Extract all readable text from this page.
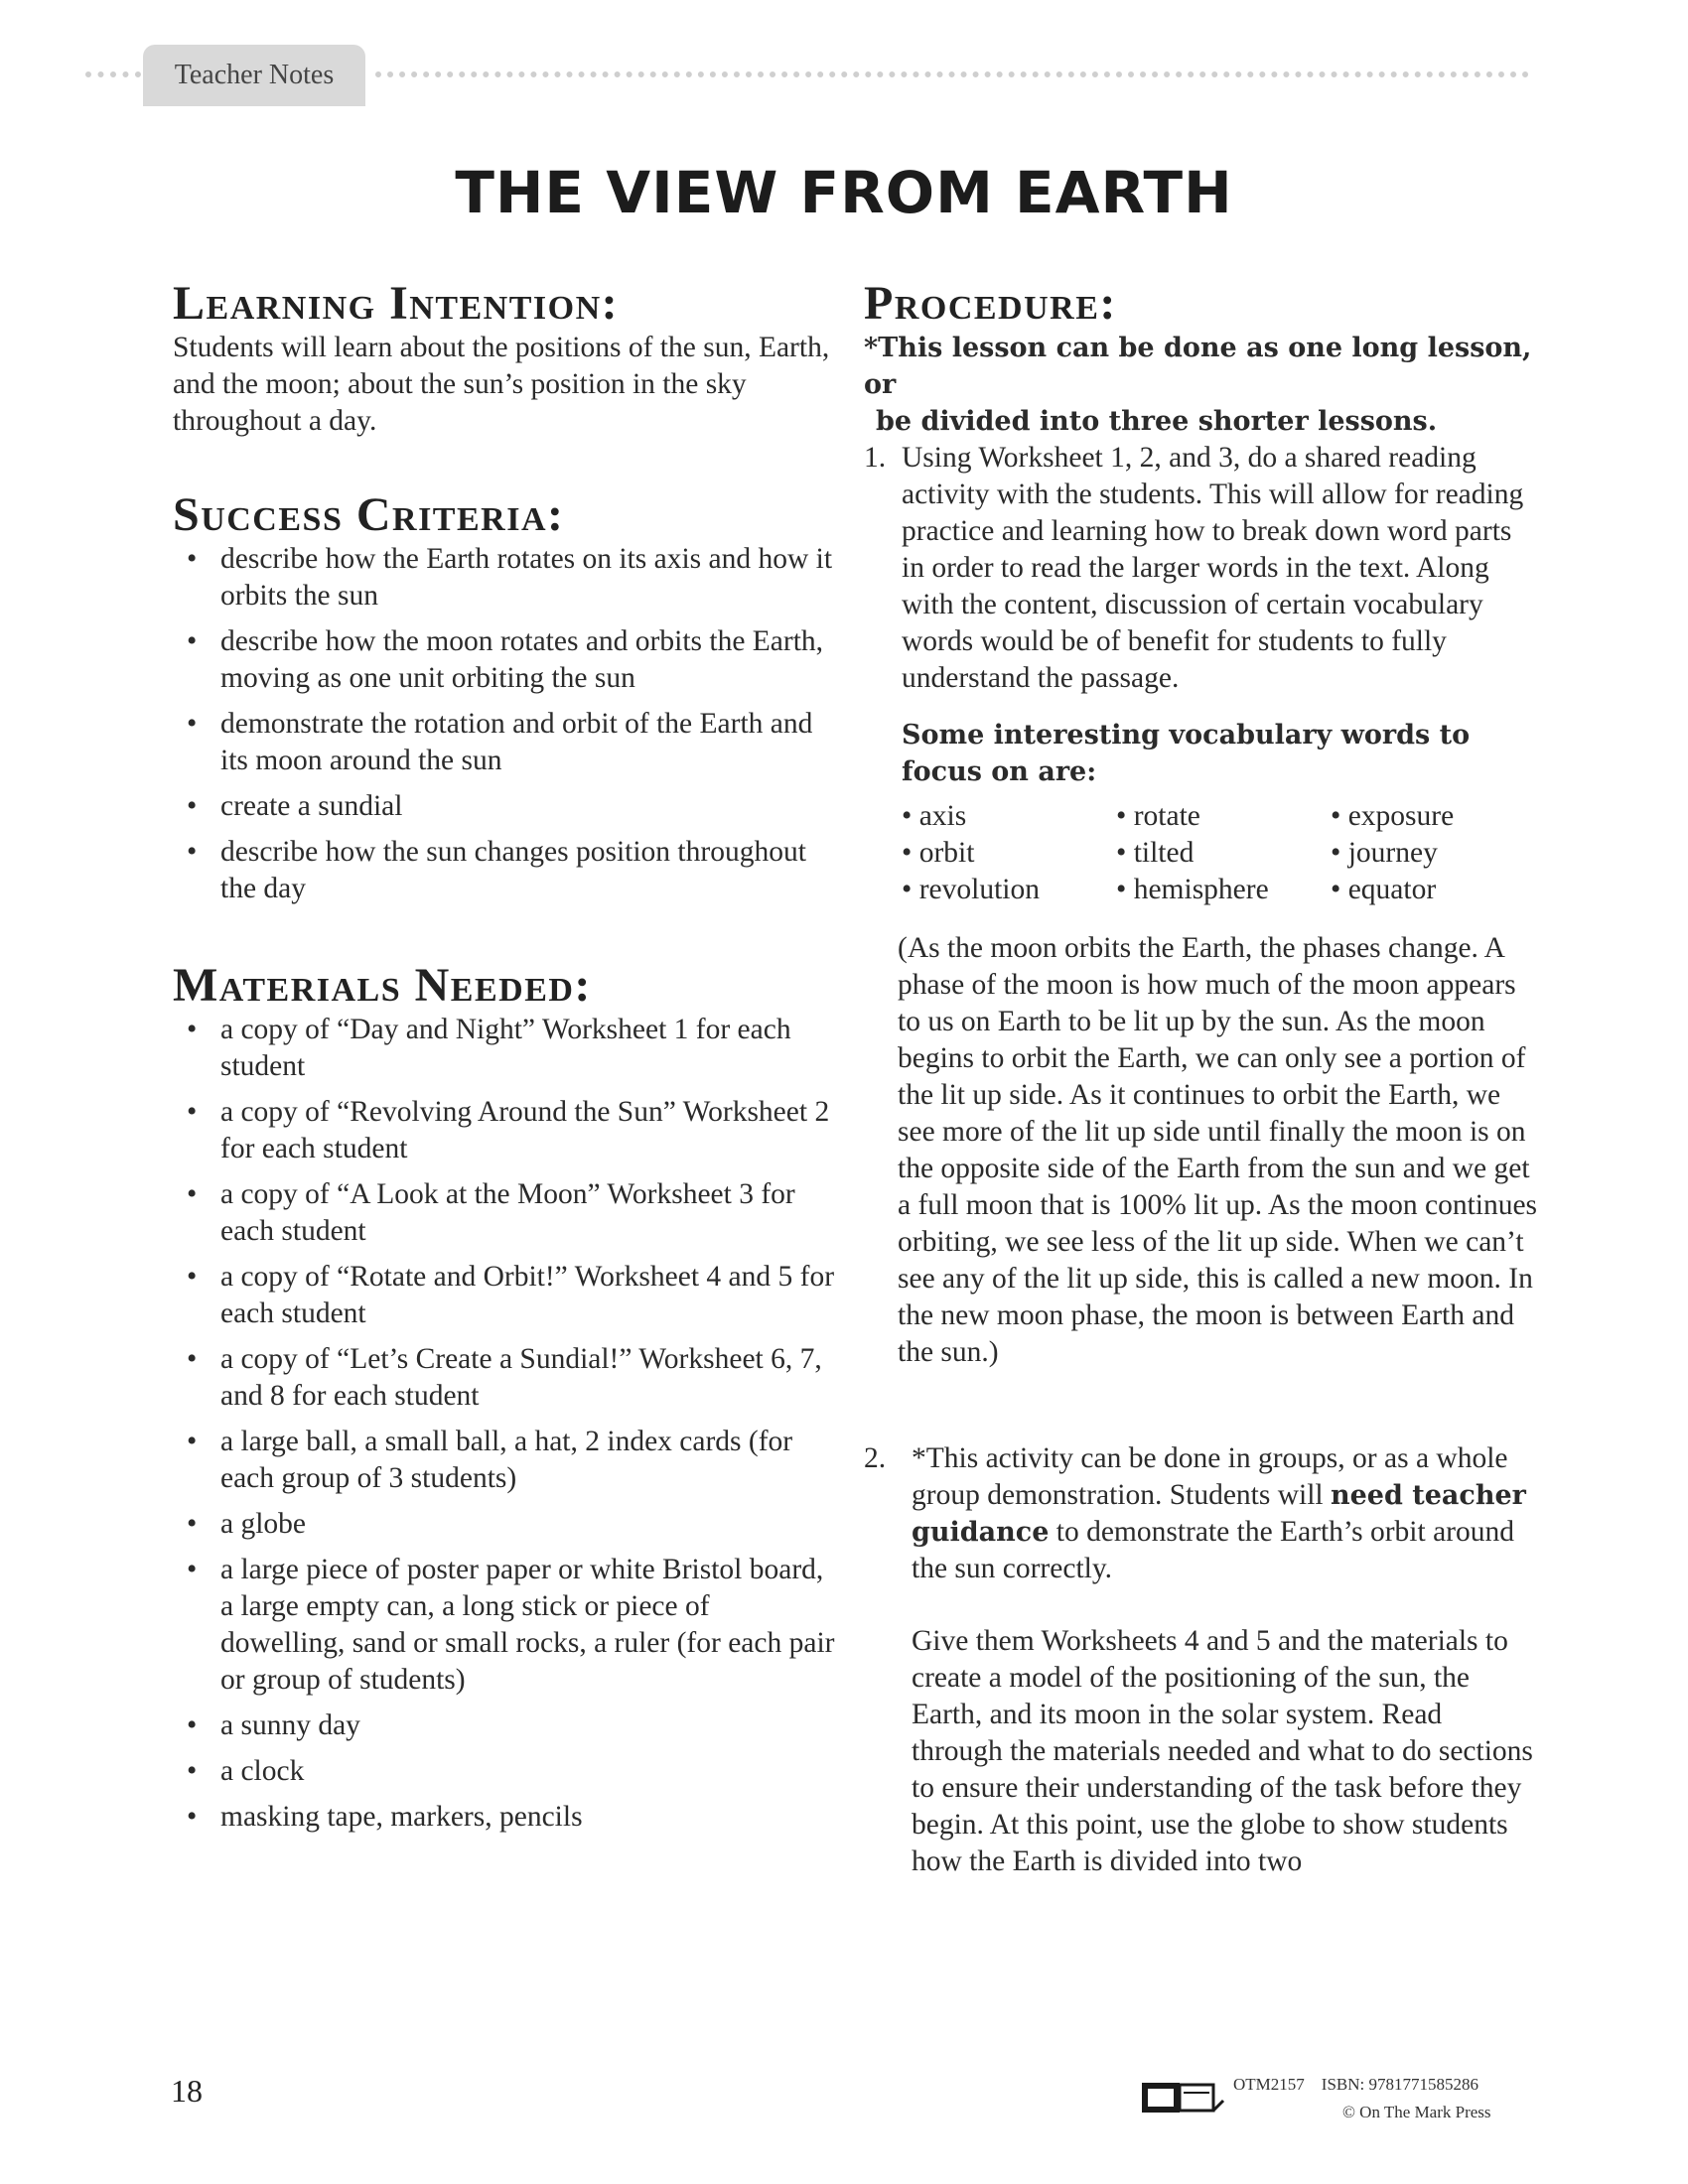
Teacher Notes
THE VIEW FROM EARTH
Learning Intention:

Students will learn about the positions of the sun, Earth, and the moon; about the sun’s position in the sky throughout a day.

Success Criteria:
• describe how the Earth rotates on its axis and how it orbits the sun
• describe how the moon rotates and orbits the Earth, moving as one unit orbiting the sun
• demonstrate the rotation and orbit of the Earth and its moon around the sun
• create a sundial
• describe how the sun changes position throughout the day
Materials Needed:
• a copy of “Day and Night” Worksheet 1 for each student
• a copy of “Revolving Around the Sun” Worksheet 2 for each student
• a copy of “A Look at the Moon” Worksheet 3 for each student
• a copy of “Rotate and Orbit!” Worksheet 4 and 5 for each student
• a copy of “Let’s Create a Sundial!” Worksheet 6, 7, and 8 for each student
• a large ball, a small ball, a hat, 2 index cards (for each group of 3 students)
• a globe
• a large piece of poster paper or white Bristol board, a large empty can, a long stick or piece of dowelling, sand or small rocks, a ruler (for each pair or group of students)
• a sunny day
• a clock
• masking tape, markers, pencils
Procedure:
*This lesson can be done as one long lesson, or
be divided into three shorter lessons.
1. Using Worksheet 1, 2, and 3, do a shared reading activity with the students. This will allow for reading practice and learning how to break down word parts in order to read the larger words in the text. Along with the content, discussion of certain vocabulary words would be of benefit for students to fully understand the passage.
Some interesting vocabulary words to focus on are:
• axis	• rotate	• exposure
• orbit	• tilted	• journey
• revolution	• hemisphere	• equator

(As the moon orbits the Earth, the phases change. A phase of the moon is how much of the moon appears to us on Earth to be lit up by the sun. As the moon begins to orbit the Earth, we can only see a portion of the lit up side. As it continues to orbit the Earth, we see more of the lit up side until finally the moon is on the opposite side of the Earth from the sun and we get a full moon that is 100% lit up. As the moon continues orbiting, we see less of the lit up side. When we can’t see any of the lit up side, this is called a new moon. In the new moon phase, the moon is between Earth and the sun.)

2. *This activity can be done in groups, or as a whole group demonstration. Students will need teacher guidance to demonstrate the Earth’s orbit around the sun correctly.

Give them Worksheets 4 and 5 and the materials to create a model of the positioning of the sun, the Earth, and its moon in the solar system. Read through the materials needed and what to do sections to ensure their understanding of the task before they begin. At this point, use the globe to show students how the Earth is divided into two

18	OTM2157    ISBN: 9781771585286
© On The Mark Press
